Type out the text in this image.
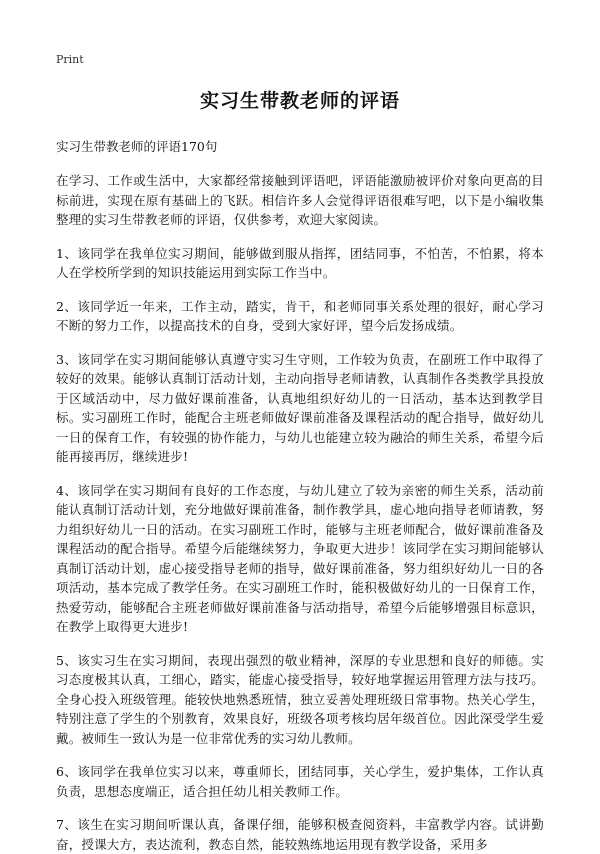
Print
实习生带教老师的评语
实习生带教老师的评语170句

在学习、工作或生活中，大家都经常接触到评语吧，评语能激励被评价对象向更高的目标前进，实现在原有基础上的飞跃。相信许多人会觉得评语很难写吧，以下是小编收集整理的实习生带教老师的评语，仅供参考，欢迎大家阅读。

1、该同学在我单位实习期间，能够做到服从指挥，团结同事，不怕苦，不怕累，将本人在学校所学到的知识技能运用到实际工作当中。

2、该同学近一年来，工作主动，踏实，肯干，和老师同事关系处理的很好，耐心学习不断的努力工作，以提高技术的自身，受到大家好评，望今后发扬成绩。

3、该同学在实习期间能够认真遵守实习生守则，工作较为负责，在副班工作中取得了较好的效果。能够认真制订活动计划，主动向指导老师请教，认真制作各类教学具投放于区域活动中，尽力做好课前准备，认真地组织好幼儿的一日活动，基本达到教学目标。实习副班工作时，能配合主班老师做好课前准备及课程活动的配合指导，做好幼儿一日的保育工作，有较强的协作能力，与幼儿也能建立较为融洽的师生关系，希望今后能再接再厉，继续进步!

4、该同学在实习期间有良好的工作态度，与幼儿建立了较为亲密的师生关系，活动前能认真制订活动计划，充分地做好课前准备，制作教学具，虚心地向指导老师请教，努力组织好幼儿一日的活动。在实习副班工作时，能够与主班老师配合，做好课前准备及课程活动的配合指导。希望今后能继续努力，争取更大进步！该同学在实习期间能够认真制订活动计划，虚心接受指导老师的指导，做好课前准备，努力组织好幼儿一日的各项活动，基本完成了教学任务。在实习副班工作时，能积极做好幼儿的一日保育工作，热爱劳动，能够配合主班老师做好课前准备与活动指导，希望今后能够增强目标意识，在教学上取得更大进步!

5、该实习生在实习期间，表现出强烈的敬业精神，深厚的专业思想和良好的师德。实习态度极其认真，工细心，踏实，能虚心接受指导，较好地掌握运用管理方法与技巧。全身心投入班级管理。能较快地熟悉班情，独立妥善处理班级日常事物。热关心学生，特别注意了学生的个别教育，效果良好，班级各项考核均居年级首位。因此深受学生爱戴。被师生一致认为是一位非常优秀的实习幼儿教师。

6、该同学在我单位实习以来，尊重师长，团结同事，关心学生，爱护集体，工作认真负责，思想态度端正，适合担任幼儿相关教师工作。

7、该生在实习期间听课认真，备课仔细，能够积极查阅资料，丰富教学内容。试讲勤奋，授课大方，表达流利，教态自然，能较熟练地运用现有教学设备，采用多
